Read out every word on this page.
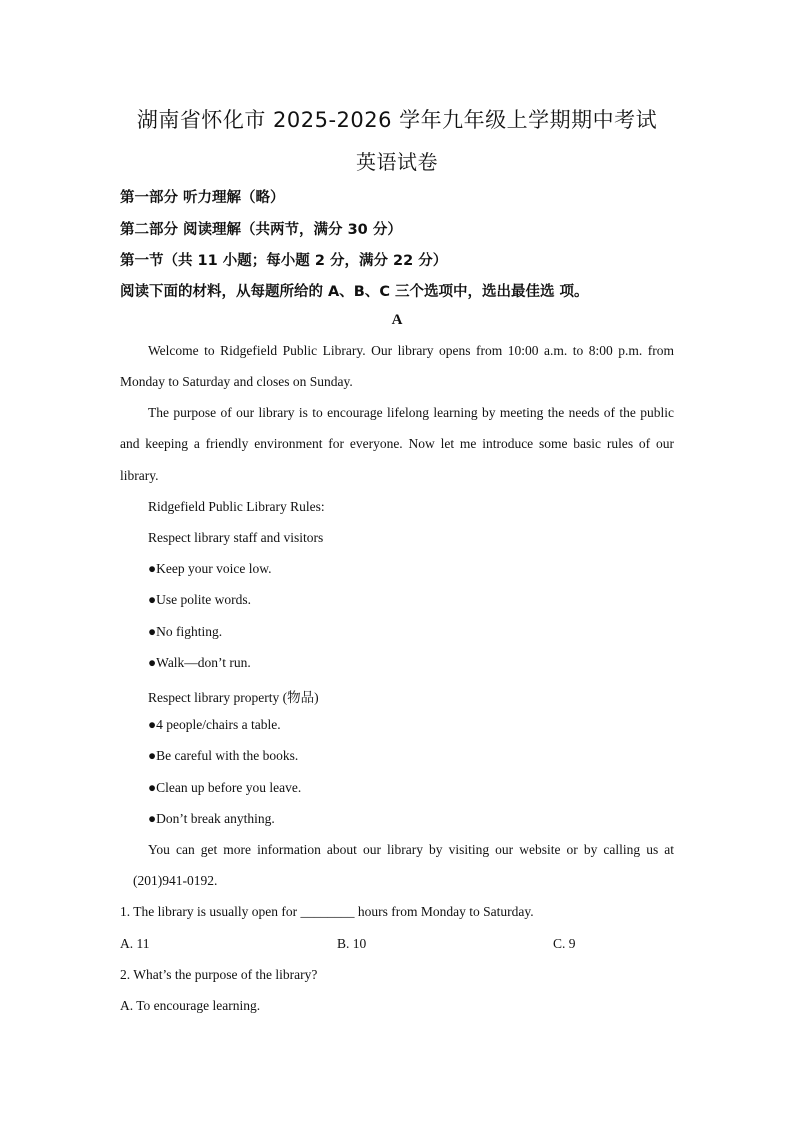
湖南省怀化市 2025-2026 学年九年级上学期期中考试
英语试卷
第一部分 听力理解（略）
第二部分 阅读理解（共两节，满分 30 分）
第一节（共 11 小题；每小题 2 分，满分 22 分）
阅读下面的材料，从每题所给的 A、B、C 三个选项中，选出最佳选 项。
A
Welcome to Ridgefield Public Library. Our library opens from 10:00 a.m. to 8:00 p.m. from
Monday to Saturday and closes on Sunday.
The purpose of our library is to encourage lifelong learning by meeting the needs of the public
and keeping a friendly environment for everyone. Now let me introduce some basic rules of our
library.
Ridgefield Public Library Rules:
Respect library staff and visitors
●Keep your voice low.
●Use polite words.
●No fighting.
●Walk—don’t run.
Respect library property (物品)
●4 people/chairs a table.
●Be careful with the books.
●Clean up before you leave.
●Don’t break anything.
You can get more information about our library by visiting our website or by calling us at
(201)941-0192.
1. The library is usually open for ________ hours from Monday to Saturday.
A. 11	B. 10	C. 9
2. What’s the purpose of the library?
A. To encourage learning.
